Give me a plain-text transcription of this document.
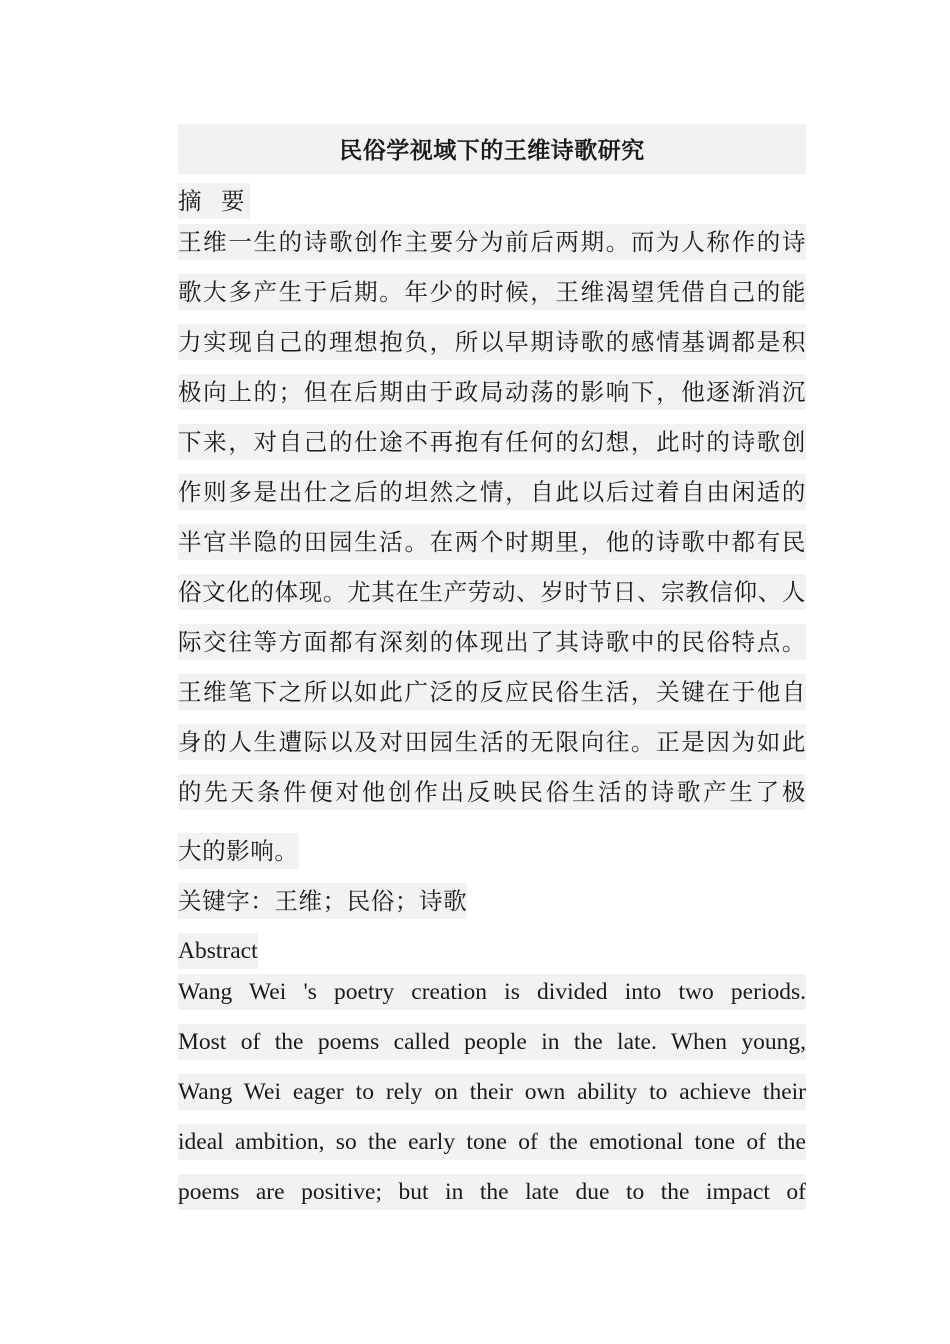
民俗学视域下的王维诗歌研究
摘 要
王维一生的诗歌创作主要分为前后两期。而为人称作的诗
歌大多产生于后期。年少的时候，王维渴望凭借自己的能
力实现自己的理想抱负，所以早期诗歌的感情基调都是积
极向上的；但在后期由于政局动荡的影响下，他逐渐消沉
下来，对自己的仕途不再抱有任何的幻想，此时的诗歌创
作则多是出仕之后的坦然之情，自此以后过着自由闲适的
半官半隐的田园生活。在两个时期里，他的诗歌中都有民
俗文化的体现。尤其在生产劳动、岁时节日、宗教信仰、人
际交往等方面都有深刻的体现出了其诗歌中的民俗特点。
王维笔下之所以如此广泛的反应民俗生活，关键在于他自
身的人生遭际以及对田园生活的无限向往。正是因为如此
的先天条件便对他创作出反映民俗生活的诗歌产生了极
大的影响。
关键字：王维；民俗；诗歌
Abstract
Wang Wei 's poetry creation is divided into two periods.
Most of the poems called people in the late. When young,
Wang Wei eager to rely on their own ability to achieve their
ideal ambition, so the early tone of the emotional tone of the
poems are positive; but in the late due to the impact of
